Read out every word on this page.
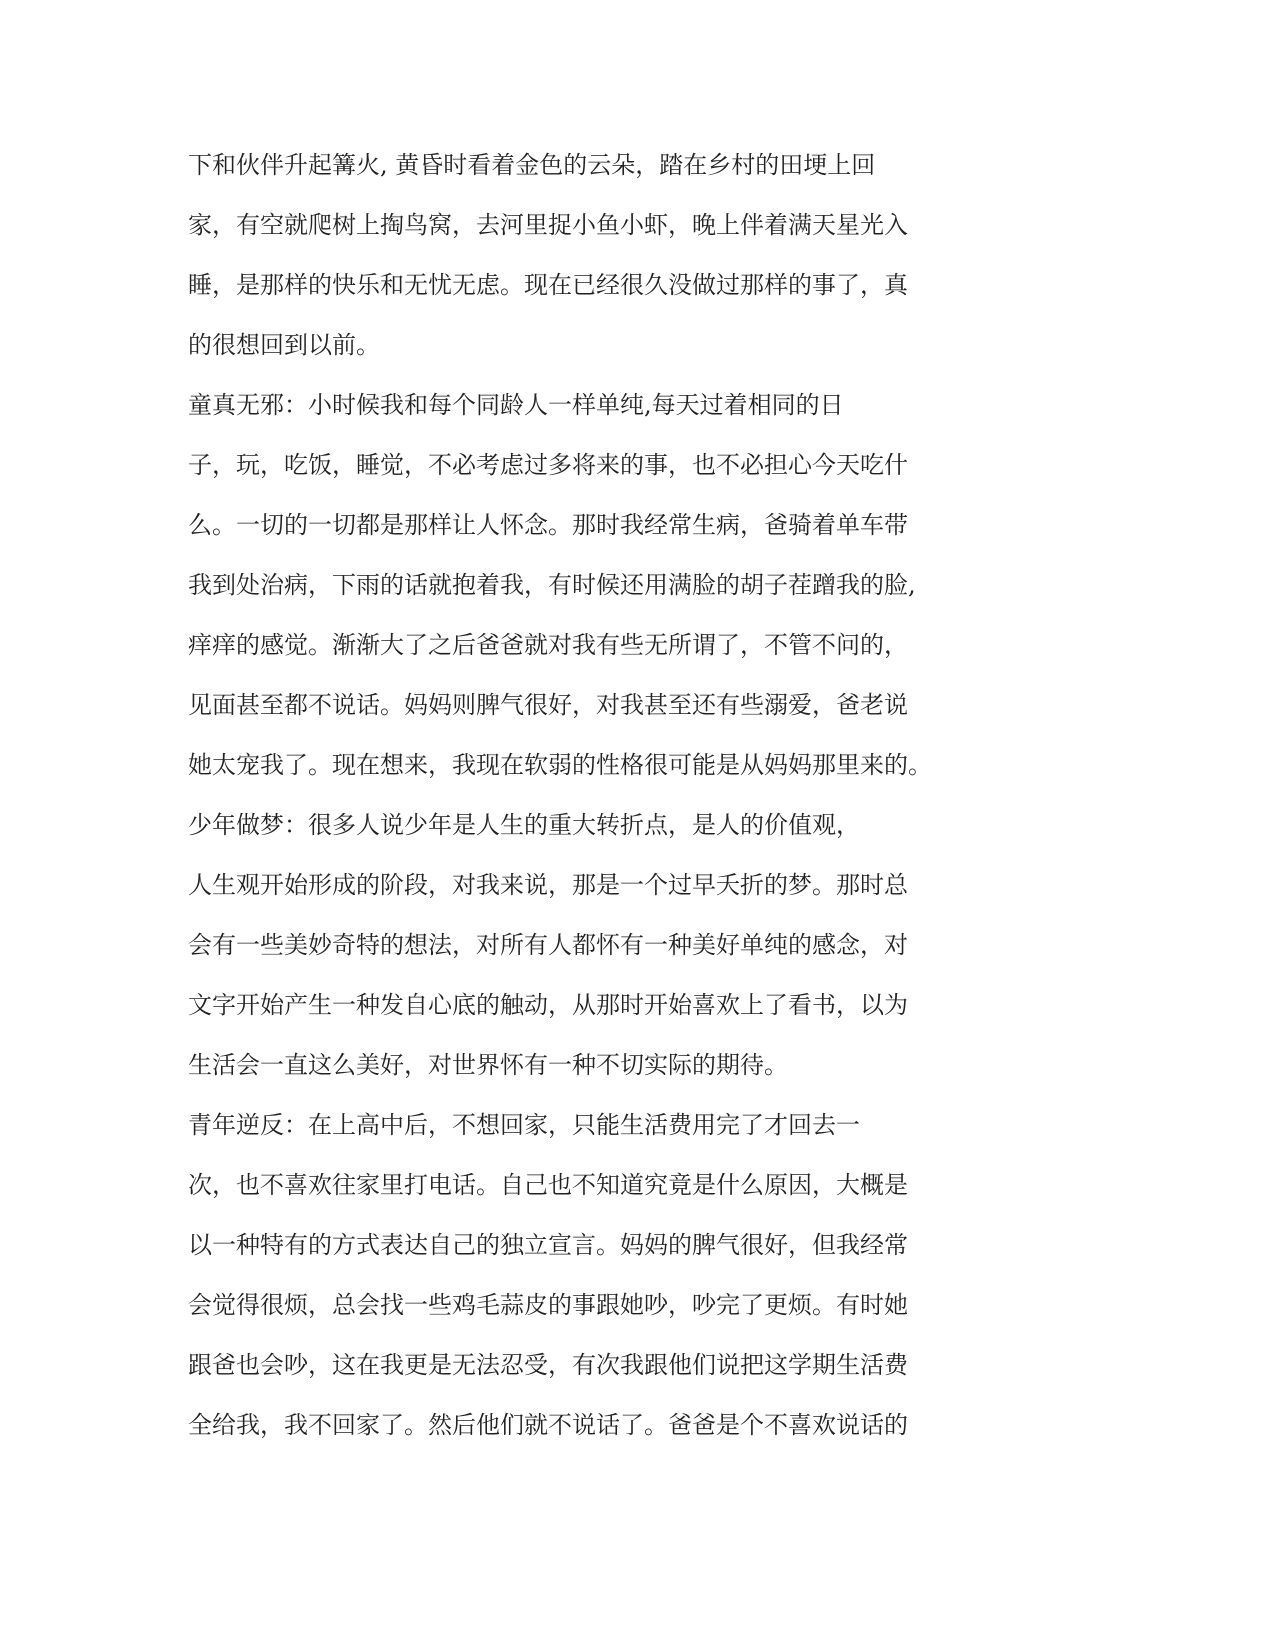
下和伙伴升起篝火, 黄昏时看着金色的云朵，踏在乡村的田埂上回
家，有空就爬树上掏鸟窝，去河里捉小鱼小虾，晚上伴着满天星光入
睡，是那样的快乐和无忧无虑。现在已经很久没做过那样的事了，真
的很想回到以前。
童真无邪：小时候我和每个同龄人一样单纯,每天过着相同的日
子，玩，吃饭，睡觉，不必考虑过多将来的事，也不必担心今天吃什
么。一切的一切都是那样让人怀念。那时我经常生病，爸骑着单车带
我到处治病，下雨的话就抱着我，有时候还用满脸的胡子茬蹭我的脸,
痒痒的感觉。渐渐大了之后爸爸就对我有些无所谓了，不管不问的，
见面甚至都不说话。妈妈则脾气很好，对我甚至还有些溺爱，爸老说
她太宠我了。现在想来，我现在软弱的性格很可能是从妈妈那里来的。
少年做梦：很多人说少年是人生的重大转折点，是人的价值观，
人生观开始形成的阶段，对我来说，那是一个过早夭折的梦。那时总
会有一些美妙奇特的想法，对所有人都怀有一种美好单纯的感念，对
文字开始产生一种发自心底的触动，从那时开始喜欢上了看书，以为
生活会一直这么美好，对世界怀有一种不切实际的期待。
青年逆反：在上高中后，不想回家，只能生活费用完了才回去一
次，也不喜欢往家里打电话。自己也不知道究竟是什么原因，大概是
以一种特有的方式表达自己的独立宣言。妈妈的脾气很好，但我经常
会觉得很烦，总会找一些鸡毛蒜皮的事跟她吵，吵完了更烦。有时她
跟爸也会吵，这在我更是无法忍受，有次我跟他们说把这学期生活费
全给我，我不回家了。然后他们就不说话了。爸爸是个不喜欢说话的
